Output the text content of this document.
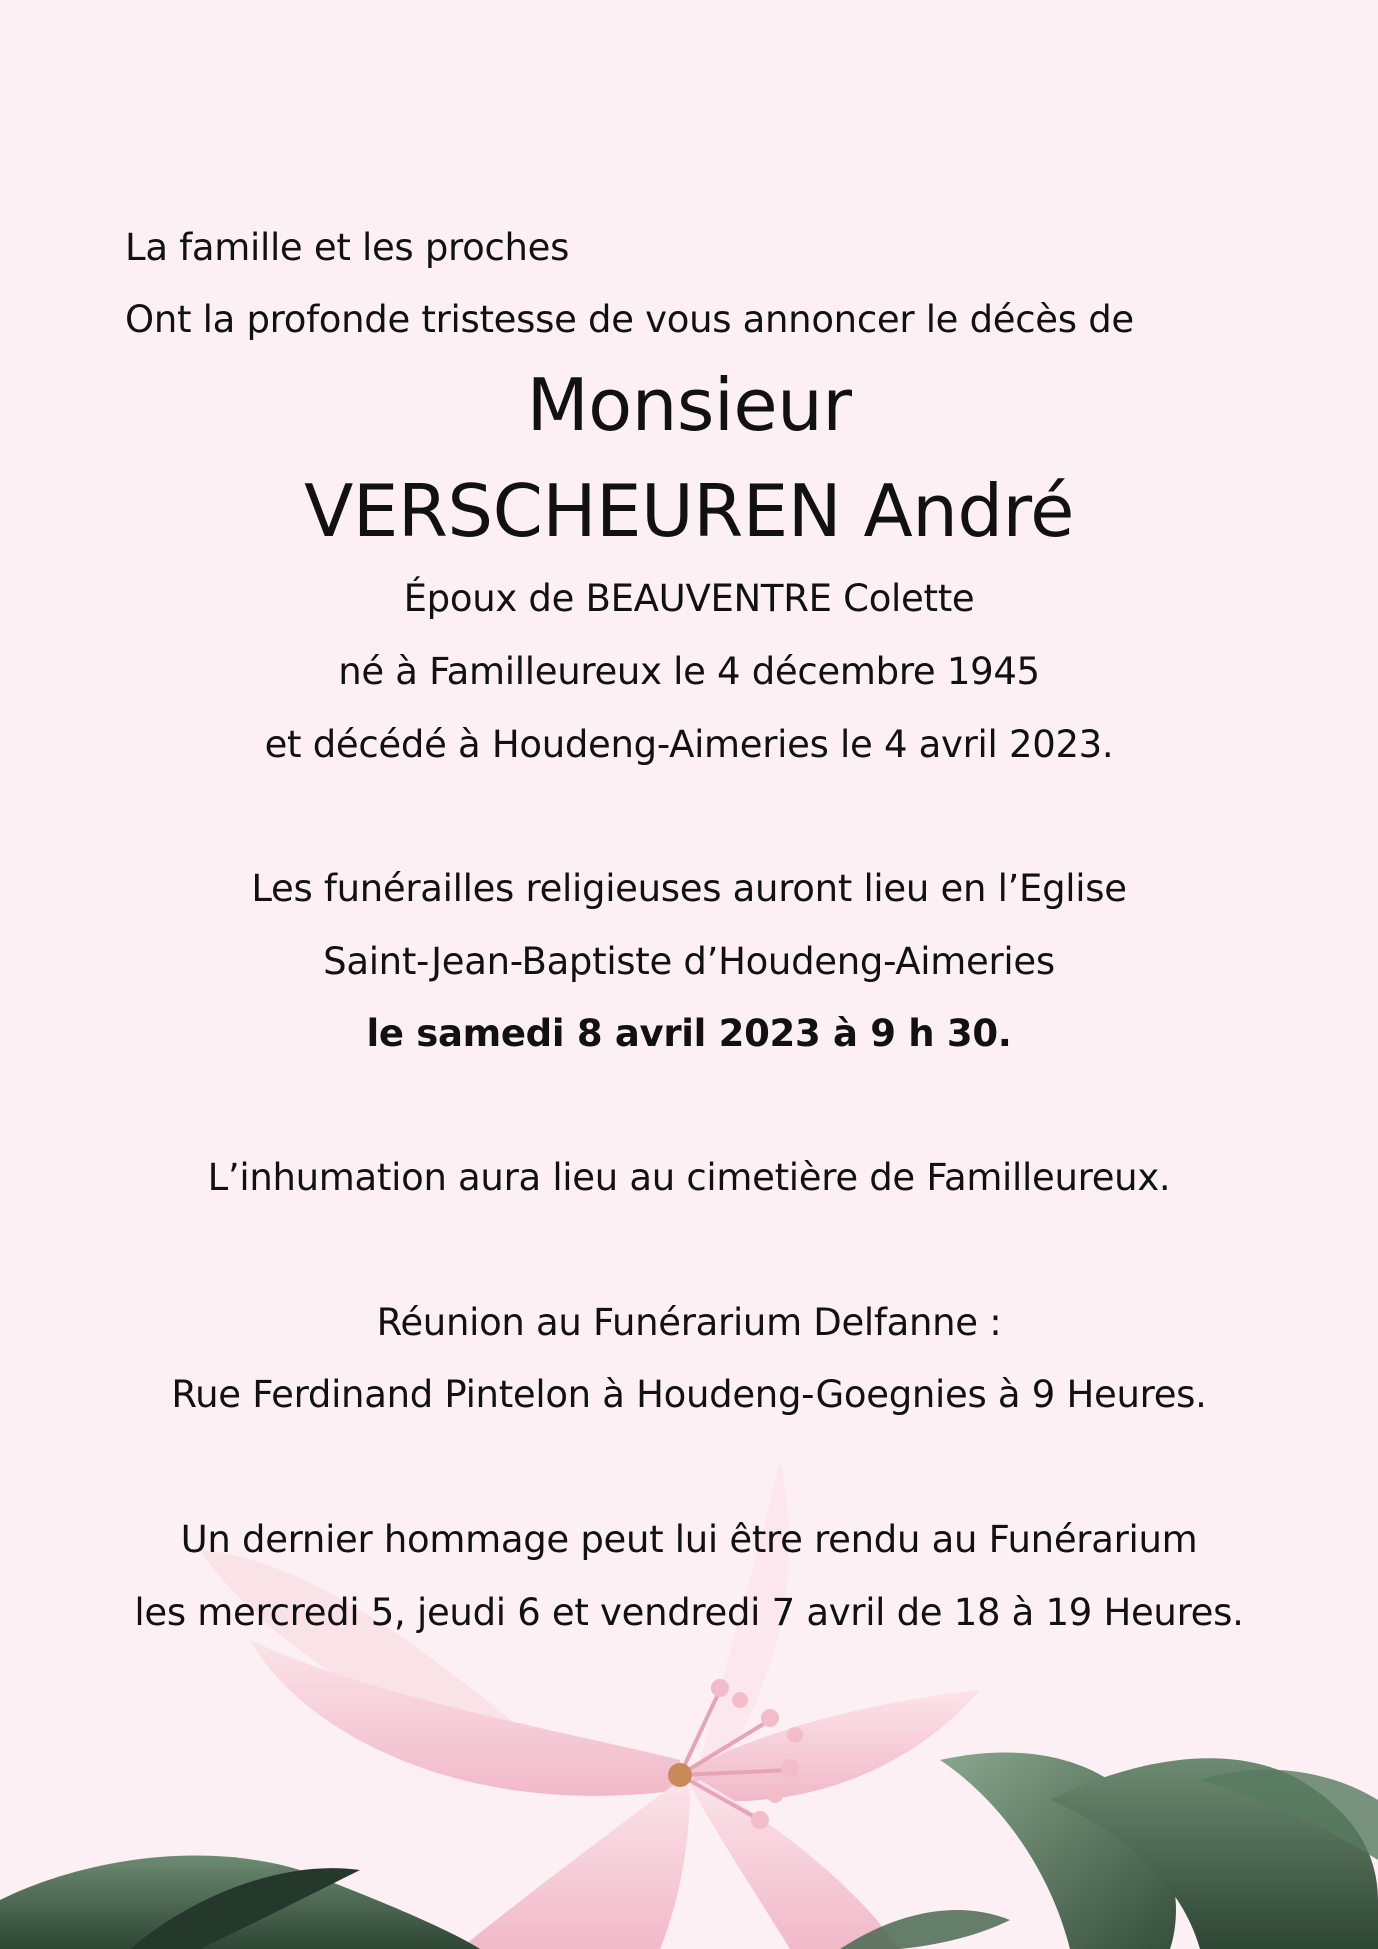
La famille et les proches
Ont la profonde tristesse de vous annoncer le décès de
Monsieur
VERSCHEUREN André
Époux de BEAUVENTRE Colette
né à Familleureux le 4 décembre 1945
et décédé à Houdeng-Aimeries le 4 avril 2023.
Les funérailles religieuses auront lieu en l’Eglise
Saint-Jean-Baptiste d’Houdeng-Aimeries
le samedi 8 avril 2023 à 9 h 30.
L’inhumation aura lieu au cimetière de Familleureux.
Réunion au Funérarium Delfanne :
Rue Ferdinand Pintelon à Houdeng-Goegnies à 9 Heures.
Un dernier hommage peut lui être rendu au Funérarium
les mercredi 5, jeudi 6 et vendredi 7 avril de 18 à 19 Heures.
